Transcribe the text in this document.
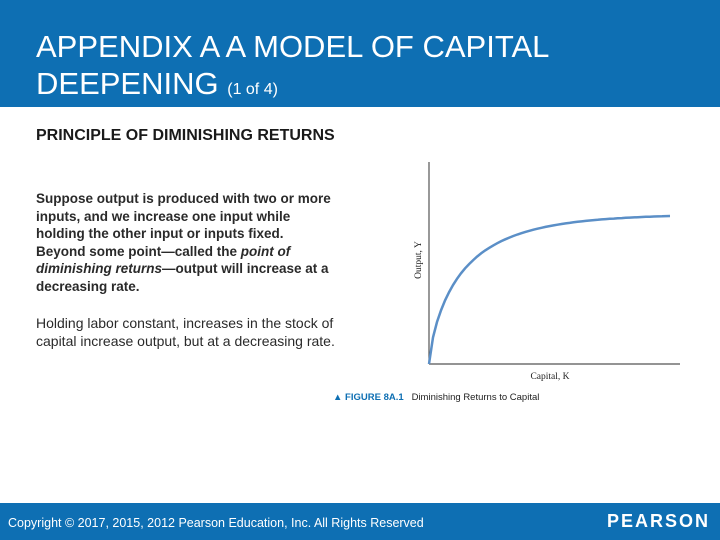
APPENDIX A A MODEL OF CAPITAL DEEPENING (1 of 4)
PRINCIPLE OF DIMINISHING RETURNS
Suppose output is produced with two or more inputs, and we increase one input while holding the other input or inputs fixed. Beyond some point—called the point of diminishing returns—output will increase at a decreasing rate.
Holding labor constant, increases in the stock of capital increase output, but at a decreasing rate.
Output, Y
Capital, K
▲ FIGURE 8A.1 Diminishing Returns to Capital
Copyright © 2017, 2015, 2012 Pearson Education, Inc. All Rights Reserved	PEARSON
